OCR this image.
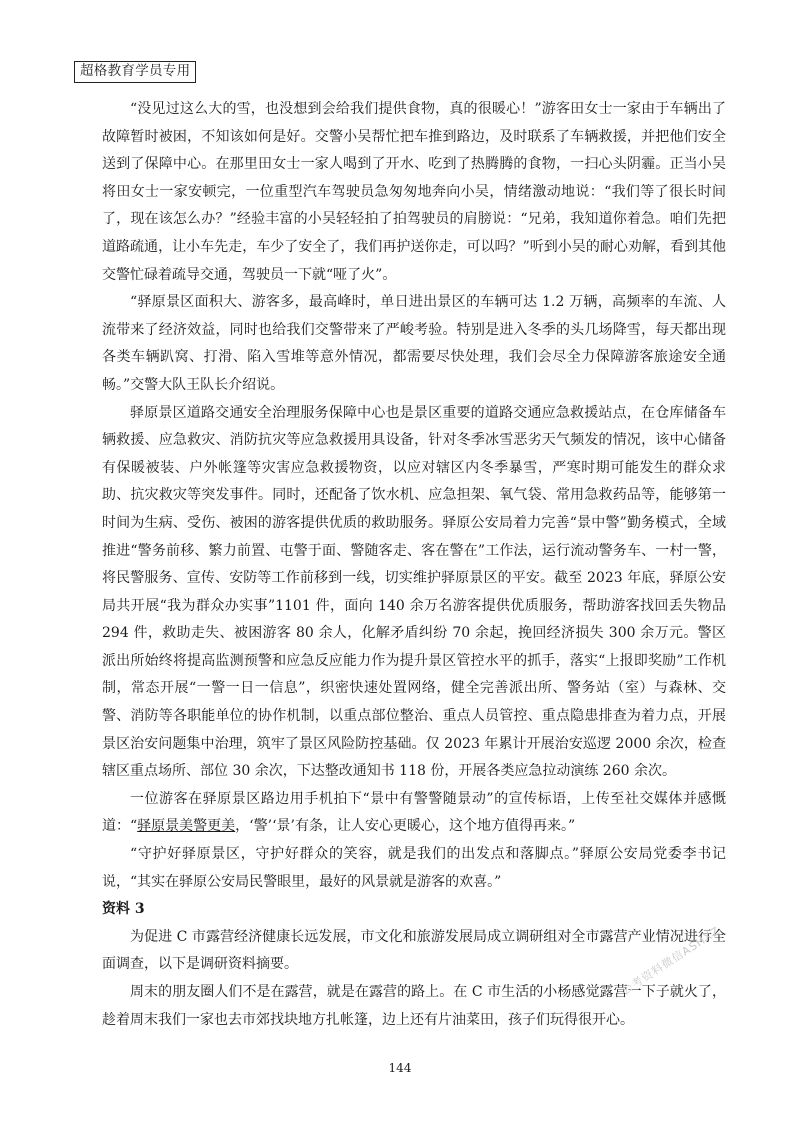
超格教育学员专用

“没见过这么大的雪，也没想到会给我们提供食物，真的很暖心！”游客田女士一家由于车辆出了故障暂时被困，不知该如何是好。交警小吴帮忙把车推到路边，及时联系了车辆救援，并把他们安全送到了保障中心。在那里田女士一家人喝到了开水、吃到了热腾腾的食物，一扫心头阴霾。正当小吴将田女士一家安顿完，一位重型汽车驾驶员急匆匆地奔向小吴，情绪激动地说：“我们等了很长时间了，现在该怎么办？”经验丰富的小吴轻轻拍了拍驾驶员的肩膀说：“兄弟，我知道你着急。咱们先把道路疏通，让小车先走，车少了安全了，我们再护送你走，可以吗？”听到小吴的耐心劝解，看到其他交警忙碌着疏导交通，驾驶员一下就“哑了火”。

“驿原景区面积大、游客多，最高峰时，单日进出景区的车辆可达 1.2 万辆，高频率的车流、人流带来了经济效益，同时也给我们交警带来了严峻考验。特别是进入冬季的头几场降雪，每天都出现各类车辆趴窝、打滑、陷入雪堆等意外情况，都需要尽快处理，我们会尽全力保障游客旅途安全通畅。”交警大队王队长介绍说。

驿原景区道路交通安全治理服务保障中心也是景区重要的道路交通应急救援站点，在仓库储备车辆救援、应急救灾、消防抗灾等应急救援用具设备，针对冬季冰雪恶劣天气频发的情况，该中心储备有保暖被装、户外帐篷等灾害应急救援物资，以应对辖区内冬季暴雪，严寒时期可能发生的群众求助、抗灾救灾等突发事件。同时，还配备了饮水机、应急担架、氧气袋、常用急救药品等，能够第一时间为生病、受伤、被困的游客提供优质的救助服务。驿原公安局着力完善“景中警”勤务模式，全域推进“警务前移、繁力前置、屯警于面、警随客走、客在警在”工作法，运行流动警务车、一村一警，将民警服务、宣传、安防等工作前移到一线，切实维护驿原景区的平安。截至 2023 年底，驿原公安局共开展“我为群众办实事”1101 件，面向 140 余万名游客提供优质服务，帮助游客找回丢失物品 294 件，救助走失、被困游客 80 余人，化解矛盾纠纷 70 余起，挽回经济损失 300 余万元。警区派出所始终将提高监测预警和应急反应能力作为提升景区管控水平的抓手，落实“上报即奖励”工作机制，常态开展“一警一日一信息”，织密快速处置网络，健全完善派出所、警务站（室）与森林、交警、消防等各职能单位的协作机制，以重点部位整治、重点人员管控、重点隐患排查为着力点，开展景区治安问题集中治理，筑牢了景区风险防控基础。仅 2023 年累计开展治安巡逻 2000 余次，检查辖区重点场所、部位 30 余次，下达整改通知书 118 份，开展各类应急拉动演练 260 余次。

一位游客在驿原景区路边用手机拍下“景中有警警随景动”的宣传标语，上传至社交媒体并感慨道：“驿原景美警更美，‘警’‘景’有条，让人安心更暖心，这个地方值得再来。”

“守护好驿原景区，守护好群众的笑容，就是我们的出发点和落脚点。”驿原公安局党委李书记说，“其实在驿原公安局民警眼里，最好的风景就是游客的欢喜。”

资料 3

为促进 C 市露营经济健康长远发展，市文化和旅游发展局成立调研组对全市露营产业情况进行全面调查，以下是调研资料摘要。

周末的朋友圈人们不是在露营，就是在露营的路上。在 C 市生活的小杨感觉露营一下子就火了，趁着周末我们一家也去市郊找块地方扎帐篷，边上还有片油菜田，孩子们玩得很开心。

公考资料微信ASHXZ
144
